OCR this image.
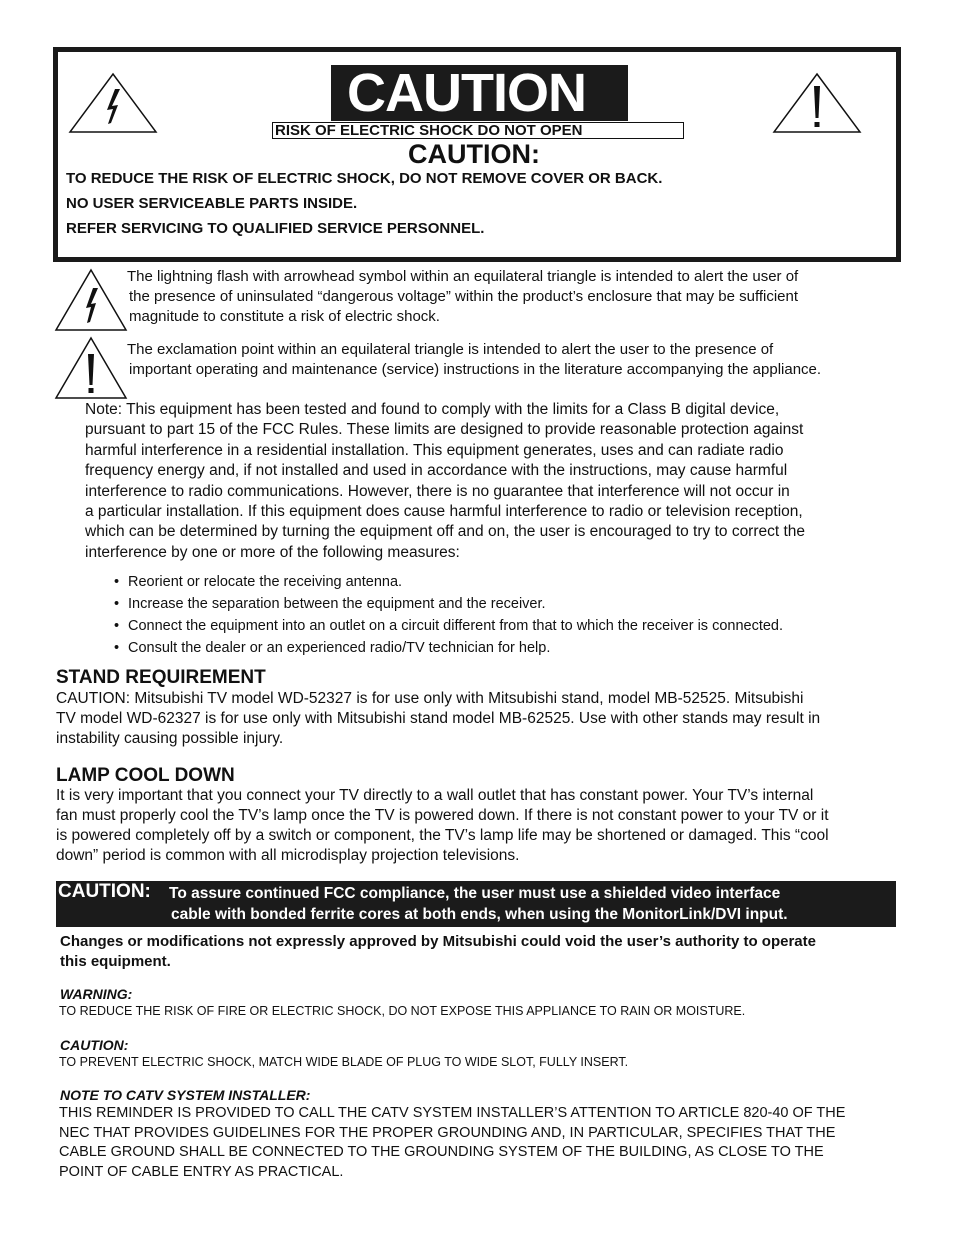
CAUTION
RISK OF ELECTRIC SHOCK DO NOT OPEN
CAUTION:
TO REDUCE THE RISK OF ELECTRIC SHOCK, DO NOT REMOVE COVER OR BACK.
NO USER SERVICEABLE PARTS INSIDE.
REFER SERVICING TO QUALIFIED SERVICE PERSONNEL.
The lightning flash with arrowhead symbol within an equilateral triangle is intended to alert the user of
the presence of uninsulated “dangerous voltage” within the product’s enclosure that may be sufficient
magnitude to constitute a risk of electric shock.
The exclamation point within an equilateral triangle is intended to alert the user to the presence of
important operating and maintenance (service) instructions in the literature accompanying the appliance.
Note: This equipment has been tested and found to comply with the limits for a Class B digital device,
pursuant to part 15 of the FCC Rules. These limits are designed to provide reasonable protection against
harmful interference in a residential installation. This equipment generates, uses and can radiate radio
frequency energy and, if not installed and used in accordance with the instructions, may cause harmful
interference to radio communications. However, there is no guarantee that interference will not occur in
a particular installation. If this equipment does cause harmful interference to radio or television reception,
which can be determined by turning the equipment off and on, the user is encouraged to try to correct the
interference by one or more of the following measures:
• Reorient or relocate the receiving antenna.
• Increase the separation between the equipment and the receiver.
• Connect the equipment into an outlet on a circuit different from that to which the receiver is connected.
• Consult the dealer or an experienced radio/TV technician for help.
STAND REQUIREMENT
CAUTION: Mitsubishi TV model WD-52327 is for use only with Mitsubishi stand, model MB-52525. Mitsubishi
TV model WD-62327 is for use only with Mitsubishi stand model MB-62525. Use with other stands may result in
instability causing possible injury.
LAMP COOL DOWN
It is very important that you connect your TV directly to a wall outlet that has constant power. Your TV’s internal
fan must properly cool the TV’s lamp once the TV is powered down. If there is not constant power to your TV or it
is powered completely off by a switch or component, the TV’s lamp life may be shortened or damaged. This “cool
down” period is common with all microdisplay projection televisions.
CAUTION: To assure continued FCC compliance, the user must use a shielded video interface
cable with bonded ferrite cores at both ends, when using the MonitorLink/DVI input.
Changes or modifications not expressly approved by Mitsubishi could void the user’s authority to operate
this equipment.
WARNING:
TO REDUCE THE RISK OF FIRE OR ELECTRIC SHOCK, DO NOT EXPOSE THIS APPLIANCE TO RAIN OR MOISTURE.
CAUTION:
TO PREVENT ELECTRIC SHOCK, MATCH WIDE BLADE OF PLUG TO WIDE SLOT, FULLY INSERT.
NOTE TO CATV SYSTEM INSTALLER:
THIS REMINDER IS PROVIDED TO CALL THE CATV SYSTEM INSTALLER’S ATTENTION TO ARTICLE 820-40 OF THE
NEC THAT PROVIDES GUIDELINES FOR THE PROPER GROUNDING AND, IN PARTICULAR, SPECIFIES THAT THE
CABLE GROUND SHALL BE CONNECTED TO THE GROUNDING SYSTEM OF THE BUILDING, AS CLOSE TO THE
POINT OF CABLE ENTRY AS PRACTICAL.
